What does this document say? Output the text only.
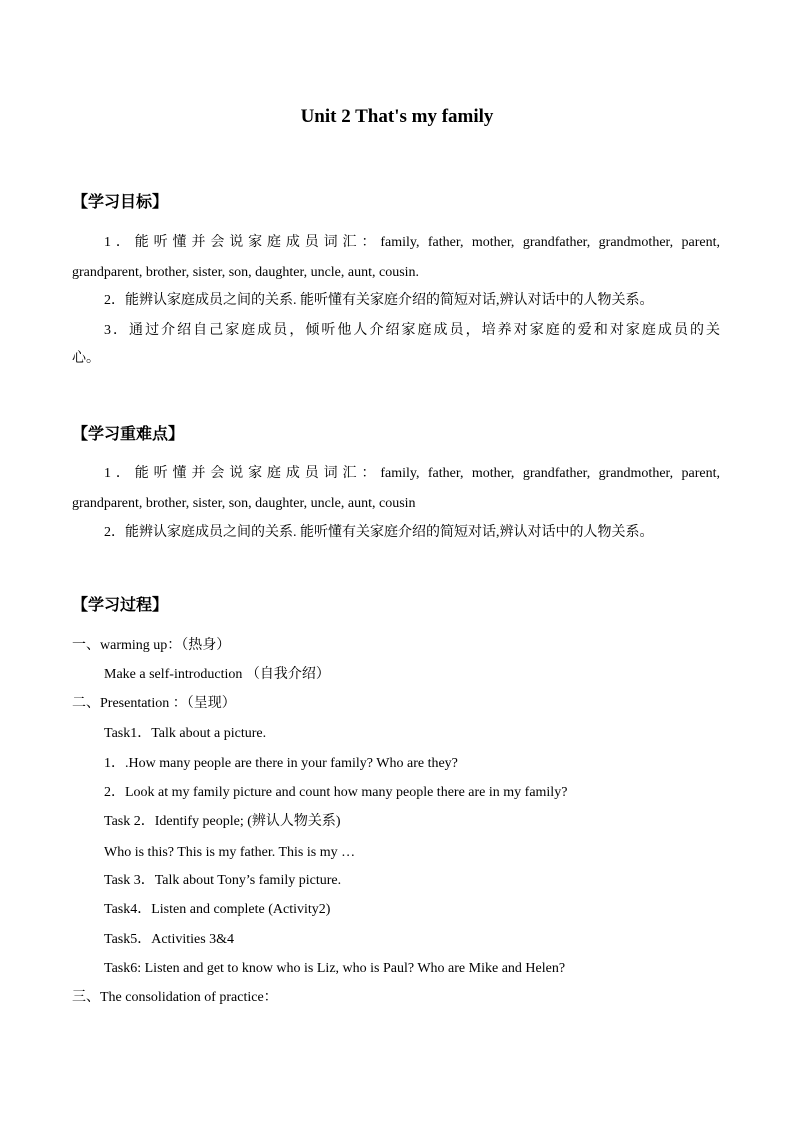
Unit 2 That's my family
【学习目标】
1．能听懂并会说家庭成员词汇：family, father, mother, grandfather, grandmother, parent,
grandparent, brother, sister, son, daughter, uncle, aunt, cousin.
2．能辨认家庭成员之间的关系. 能听懂有关家庭介绍的简短对话,辨认对话中的人物关系。
3．通过介绍自己家庭成员，倾听他人介绍家庭成员，培养对家庭的爱和对家庭成员的关
心。
【学习重难点】
1．能听懂并会说家庭成员词汇：family, father, mother, grandfather, grandmother, parent,
grandparent, brother, sister, son, daughter, uncle, aunt, cousin
2．能辨认家庭成员之间的关系. 能听懂有关家庭介绍的简短对话,辨认对话中的人物关系。
【学习过程】
一、warming up：（热身）
Make a self-introduction （自我介绍）
二、Presentation ：（呈现）
Task1．Talk about a picture.
1．.How many people are there in your family? Who are they?
2．Look at my family picture and count how many people there are in my family?
Task 2．Identify people; (辨认人物关系)
Who is this? This is my father. This is my …
Task 3．Talk about Tony’s family picture.
Task4．Listen and complete (Activity2)
Task5．Activities 3&4
Task6: Listen and get to know who is Liz, who is Paul? Who are Mike and Helen?
三、The consolidation of practice：
